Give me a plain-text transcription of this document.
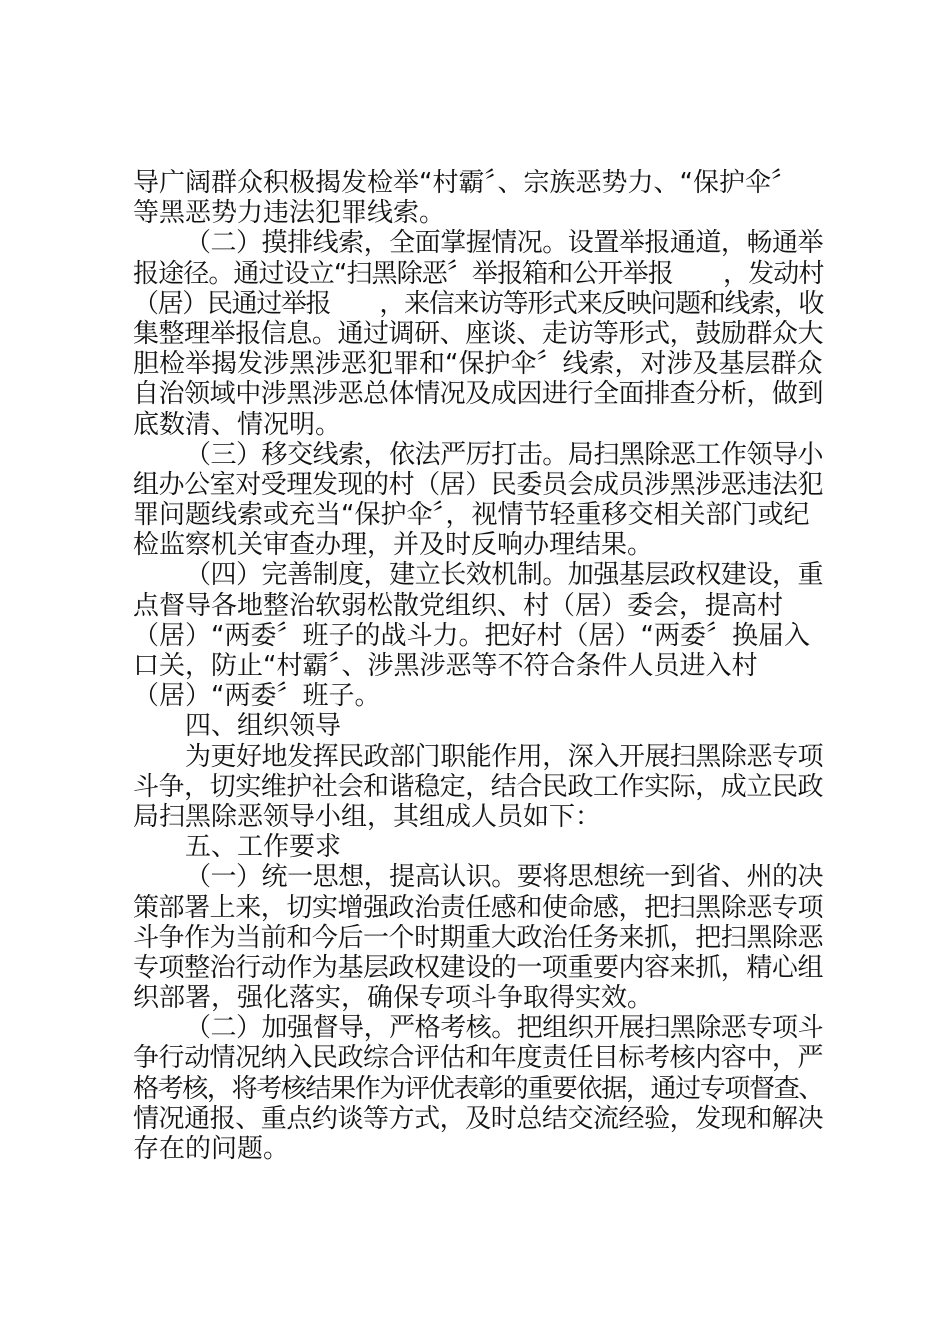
导广阔群众积极揭发检举“村霸〞、宗族恶势力、“保护伞〞
等黑恶势力违法犯罪线索。
（二）摸排线索，全面掌握情况。设置举报通道，畅通举
报途径。通过设立“扫黑除恶〞举报箱和公开举报　　，发动村
（居）民通过举报　　，来信来访等形式来反映问题和线索，收
集整理举报信息。通过调研、座谈、走访等形式，鼓励群众大
胆检举揭发涉黑涉恶犯罪和“保护伞〞线索，对涉及基层群众
自治领域中涉黑涉恶总体情况及成因进行全面排查分析，做到
底数清、情况明。
（三）移交线索，依法严厉打击。局扫黑除恶工作领导小
组办公室对受理发现的村（居）民委员会成员涉黑涉恶违法犯
罪问题线索或充当“保护伞〞，视情节轻重移交相关部门或纪
检监察机关审查办理，并及时反响办理结果。
（四）完善制度，建立长效机制。加强基层政权建设，重
点督导各地整治软弱松散党组织、村（居）委会，提高村
（居）“两委〞班子的战斗力。把好村（居）“两委〞换届入
口关，防止“村霸〞、涉黑涉恶等不符合条件人员进入村
（居）“两委〞班子。
四、组织领导
为更好地发挥民政部门职能作用，深入开展扫黑除恶专项
斗争，切实维护社会和谐稳定，结合民政工作实际，成立民政
局扫黑除恶领导小组，其组成人员如下：
五、工作要求
（一）统一思想，提高认识。要将思想统一到省、州的决
策部署上来，切实增强政治责任感和使命感，把扫黑除恶专项
斗争作为当前和今后一个时期重大政治任务来抓，把扫黑除恶
专项整治行动作为基层政权建设的一项重要内容来抓，精心组
织部署，强化落实，确保专项斗争取得实效。
（二）加强督导，严格考核。把组织开展扫黑除恶专项斗
争行动情况纳入民政综合评估和年度责任目标考核内容中，严
格考核，将考核结果作为评优表彰的重要依据，通过专项督查、
情况通报、重点约谈等方式，及时总结交流经验，发现和解决
存在的问题。
